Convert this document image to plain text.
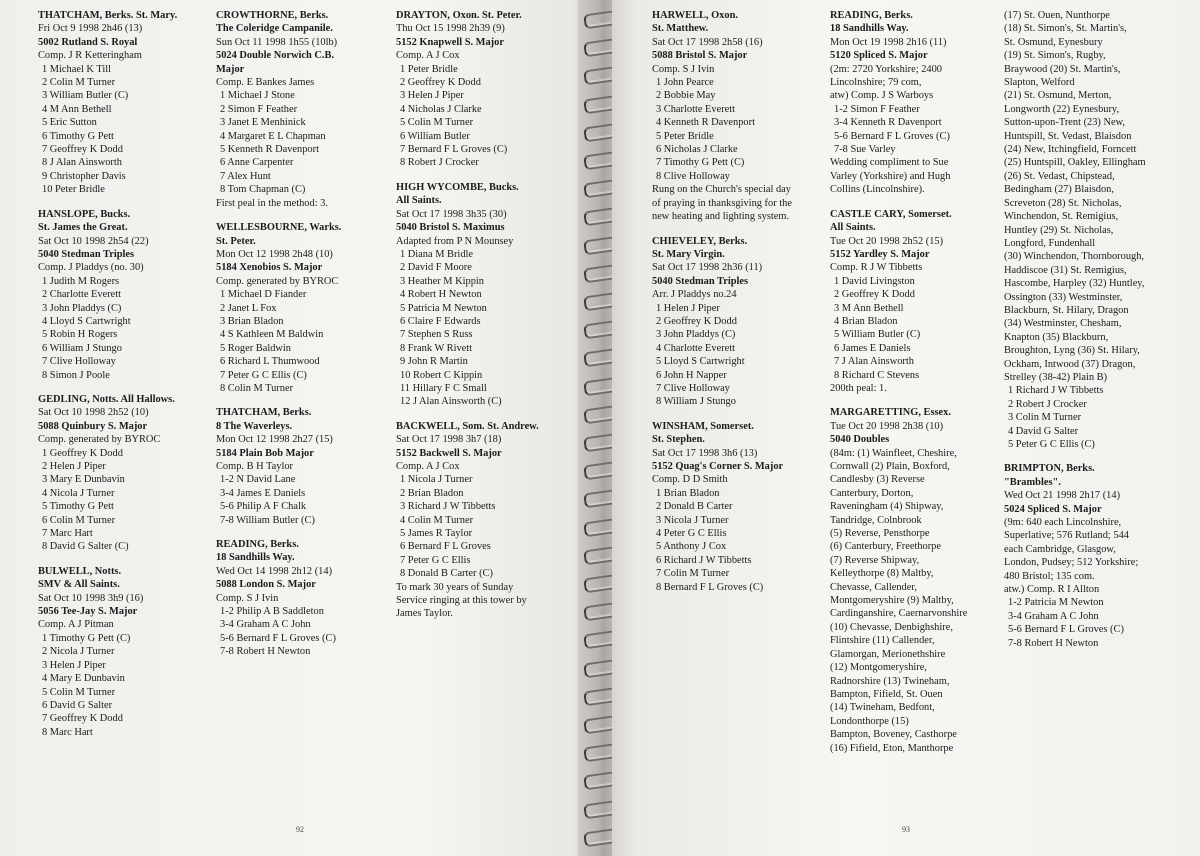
THATCHAM, Berks. St. Mary.
Fri Oct 9 1998 2h46 (13)
5002 Rutland S. Royal
Comp. J R Ketteringham
1 Michael K Till
2 Colin M Turner
3 William Butler (C)
4 M Ann Bethell
5 Eric Sutton
6 Timothy G Pett
7 Geoffrey K Dodd
8 J Alan Ainsworth
9 Christopher Davis
10 Peter Bridle
HANSLOPE, Bucks.
St. James the Great.
Sat Oct 10 1998 2h54 (22)
5040 Stedman Triples
Comp. J Pladdys (no. 30)
1 Judith M Rogers
2 Charlotte Everett
3 John Pladdys (C)
4 Lloyd S Cartwright
5 Robin H Rogers
6 William J Stungo
7 Clive Holloway
8 Simon J Poole
GEDLING, Notts. All Hallows.
Sat Oct 10 1998 2h52 (10)
5088 Quinbury S. Major
Comp. generated by BYROC
1 Geoffrey K Dodd
2 Helen J Piper
3 Mary E Dunbavin
4 Nicola J Turner
5 Timothy G Pett
6 Colin M Turner
7 Marc Hart
8 David G Salter (C)
BULWELL, Notts.
SMV & All Saints.
Sat Oct 10 1998 3h9 (16)
5056 Tee-Jay S. Major
Comp. A J Pitman
1 Timothy G Pett (C)
2 Nicola J Turner
3 Helen J Piper
4 Mary E Dunbavin
5 Colin M Turner
6 David G Salter
7 Geoffrey K Dodd
8 Marc Hart
CROWTHORNE, Berks.
The Coleridge Campanile.
Sun Oct 11 1998 1h55 (10lb)
5024 Double Norwich C.B.
Major
Comp. E Bankes James
1 Michael J Stone
2 Simon F Feather
3 Janet E Menhinick
4 Margaret E L Chapman
5 Kenneth R Davenport
6 Anne Carpenter
7 Alex Hunt
8 Tom Chapman (C)
First peal in the method: 3.
WELLESBOURNE, Warks.
St. Peter.
Mon Oct 12 1998 2h48 (10)
5184 Xenobios S. Major
Comp. generated by BYROC
1 Michael D Fiander
2 Janet L Fox
3 Brian Bladon
4 S Kathleen M Baldwin
5 Roger Baldwin
6 Richard L Thumwood
7 Peter G C Ellis (C)
8 Colin M Turner
THATCHAM, Berks.
8 The Waverleys.
Mon Oct 12 1998 2h27 (15)
5184 Plain Bob Major
Comp. B H Taylor
1-2 N David Lane
3-4 James E Daniels
5-6 Philip A F Chalk
7-8 William Butler (C)
READING, Berks.
18 Sandhills Way.
Wed Oct 14 1998 2h12 (14)
5088 London S. Major
Comp. S J Ivin
1-2 Philip A B Saddleton
3-4 Graham A C John
5-6 Bernard F L Groves (C)
7-8 Robert H Newton
DRAYTON, Oxon. St. Peter.
Thu Oct 15 1998 2h39 (9)
5152 Knapwell S. Major
Comp. A J Cox
1 Peter Bridle
2 Geoffrey K Dodd
3 Helen J Piper
4 Nicholas J Clarke
5 Colin M Turner
6 William Butler
7 Bernard F L Groves (C)
8 Robert J Crocker
HIGH WYCOMBE, Bucks.
All Saints.
Sat Oct 17 1998 3h35 (30)
5040 Bristol S. Maximus
Adapted from P N Mounsey
1 Diana M Bridle
2 David F Moore
3 Heather M Kippin
4 Robert H Newton
5 Patricia M Newton
6 Claire F Edwards
7 Stephen S Russ
8 Frank W Rivett
9 John R Martin
10 Robert C Kippin
11 Hillary F C Small
12 J Alan Ainsworth (C)
BACKWELL, Som. St. Andrew.
Sat Oct 17 1998 3h7 (18)
5152 Backwell S. Major
Comp. A J Cox
1 Nicola J Turner
2 Brian Bladon
3 Richard J W Tibbetts
4 Colin M Turner
5 James R Taylor
6 Bernard F L Groves
7 Peter G C Ellis
8 Donald B Carter (C)
To mark 30 years of Sunday
Service ringing at this tower by
James Taylor.
92
HARWELL, Oxon.
St. Matthew.
Sat Oct 17 1998 2h58 (16)
5088 Bristol S. Major
Comp. S J Ivin
1 John Pearce
2 Bobbie May
3 Charlotte Everett
4 Kenneth R Davenport
5 Peter Bridle
6 Nicholas J Clarke
7 Timothy G Pett (C)
8 Clive Holloway
Rung on the Church's special day
of praying in thanksgiving for the
new heating and lighting system.
CHIEVELEY, Berks.
St. Mary Virgin.
Sat Oct 17 1998 2h36 (11)
5040 Stedman Triples
Arr. J Pladdys no.24
1 Helen J Piper
2 Geoffrey K Dodd
3 John Pladdys (C)
4 Charlotte Everett
5 Lloyd S Cartwright
6 John H Napper
7 Clive Holloway
8 William J Stungo
WINSHAM, Somerset.
St. Stephen.
Sat Oct 17 1998 3h6 (13)
5152 Quag's Corner S. Major
Comp. D D Smith
1 Brian Bladon
2 Donald B Carter
3 Nicola J Turner
4 Peter G C Ellis
5 Anthony J Cox
6 Richard J W Tibbetts
7 Colin M Turner
8 Bernard F L Groves (C)
READING, Berks.
18 Sandhills Way.
Mon Oct 19 1998 2h16 (11)
5120 Spliced S. Major
(2m: 2720 Yorkshire; 2400
Lincolnshire; 79 com,
atw) Comp. J S Warboys
1-2 Simon F Feather
3-4 Kenneth R Davenport
5-6 Bernard F L Groves (C)
7-8 Sue Varley
Wedding compliment to Sue
Varley (Yorkshire) and Hugh
Collins (Lincolnshire).
CASTLE CARY, Somerset.
All Saints.
Tue Oct 20 1998 2h52 (15)
5152 Yardley S. Major
Comp. R J W Tibbetts
1 David Livingston
2 Geoffrey K Dodd
3 M Ann Bethell
4 Brian Bladon
5 William Butler (C)
6 James E Daniels
7 J Alan Ainsworth
8 Richard C Stevens
200th peal: 1.
MARGARETTING, Essex.
Tue Oct 20 1998 2h38 (10)
5040 Doubles
(84m: (1) Wainfleet, Cheshire,
Cornwall (2) Plain, Boxford,
Candlesby (3) Reverse
Canterbury, Dorton,
Raveningham (4) Shipway,
Tandridge, Colnbrook
(5) Reverse, Pensthorpe
(6) Canterbury, Freethorpe
(7) Reverse Shipway,
Kelleythorpe (8) Maltby,
Chevasse, Callender,
Montgomeryshire (9) Maltby,
Cardinganshire, Caernarvonshire
(10) Chevasse, Denbighshire,
Flintshire (11) Callender,
Glamorgan, Merionethshire
(12) Montgomeryshire,
Radnorshire (13) Twineham,
Bampton, Fifield, St. Ouen
(14) Twineham, Bedfont,
Londonthorpe (15)
Bampton, Boveney, Casthorpe
(16) Fifield, Eton, Manthorpe
(17) St. Ouen, Nunthorpe
(18) St. Simon's, St. Martin's,
St. Osmund, Eynesbury
(19) St. Simon's, Rugby,
Braywood (20) St. Martin's,
Slapton, Welford
(21) St. Osmund, Merton,
Longworth (22) Eynesbury,
Sutton-upon-Trent (23) New,
Huntspill, St. Vedast, Blaisdon
(24) New, Itchingfield, Forncett
(25) Huntspill, Oakley, Ellingham
(26) St. Vedast, Chipstead,
Bedingham (27) Blaisdon,
Screveton (28) St. Nicholas,
Winchendon, St. Remigius,
Huntley (29) St. Nicholas,
Longford, Fundenhall
(30) Winchendon, Thornborough,
Haddiscoe (31) St. Remigius,
Hascombe, Harpley (32) Huntley,
Ossington (33) Westminster,
Blackburn, St. Hilary, Dragon
(34) Westminster, Chesham,
Knapton (35) Blackburn,
Broughton, Lyng (36) St. Hilary,
Ockham, Intwood (37) Dragon,
Strelley (38-42) Plain B)
1 Richard J W Tibbetts
2 Robert J Crocker
3 Colin M Turner
4 David G Salter
5 Peter G C Ellis (C)
BRIMPTON, Berks.
"Brambles".
Wed Oct 21 1998 2h17 (14)
5024 Spliced S. Major
(9m: 640 each Lincolnshire,
Superlative; 576 Rutland; 544
each Cambridge, Glasgow,
London, Pudsey; 512 Yorkshire;
480 Bristol; 135 com.
atw.) Comp. R I Allton
1-2 Patricia M Newton
3-4 Graham A C John
5-6 Bernard F L Groves (C)
7-8 Robert H Newton
93
